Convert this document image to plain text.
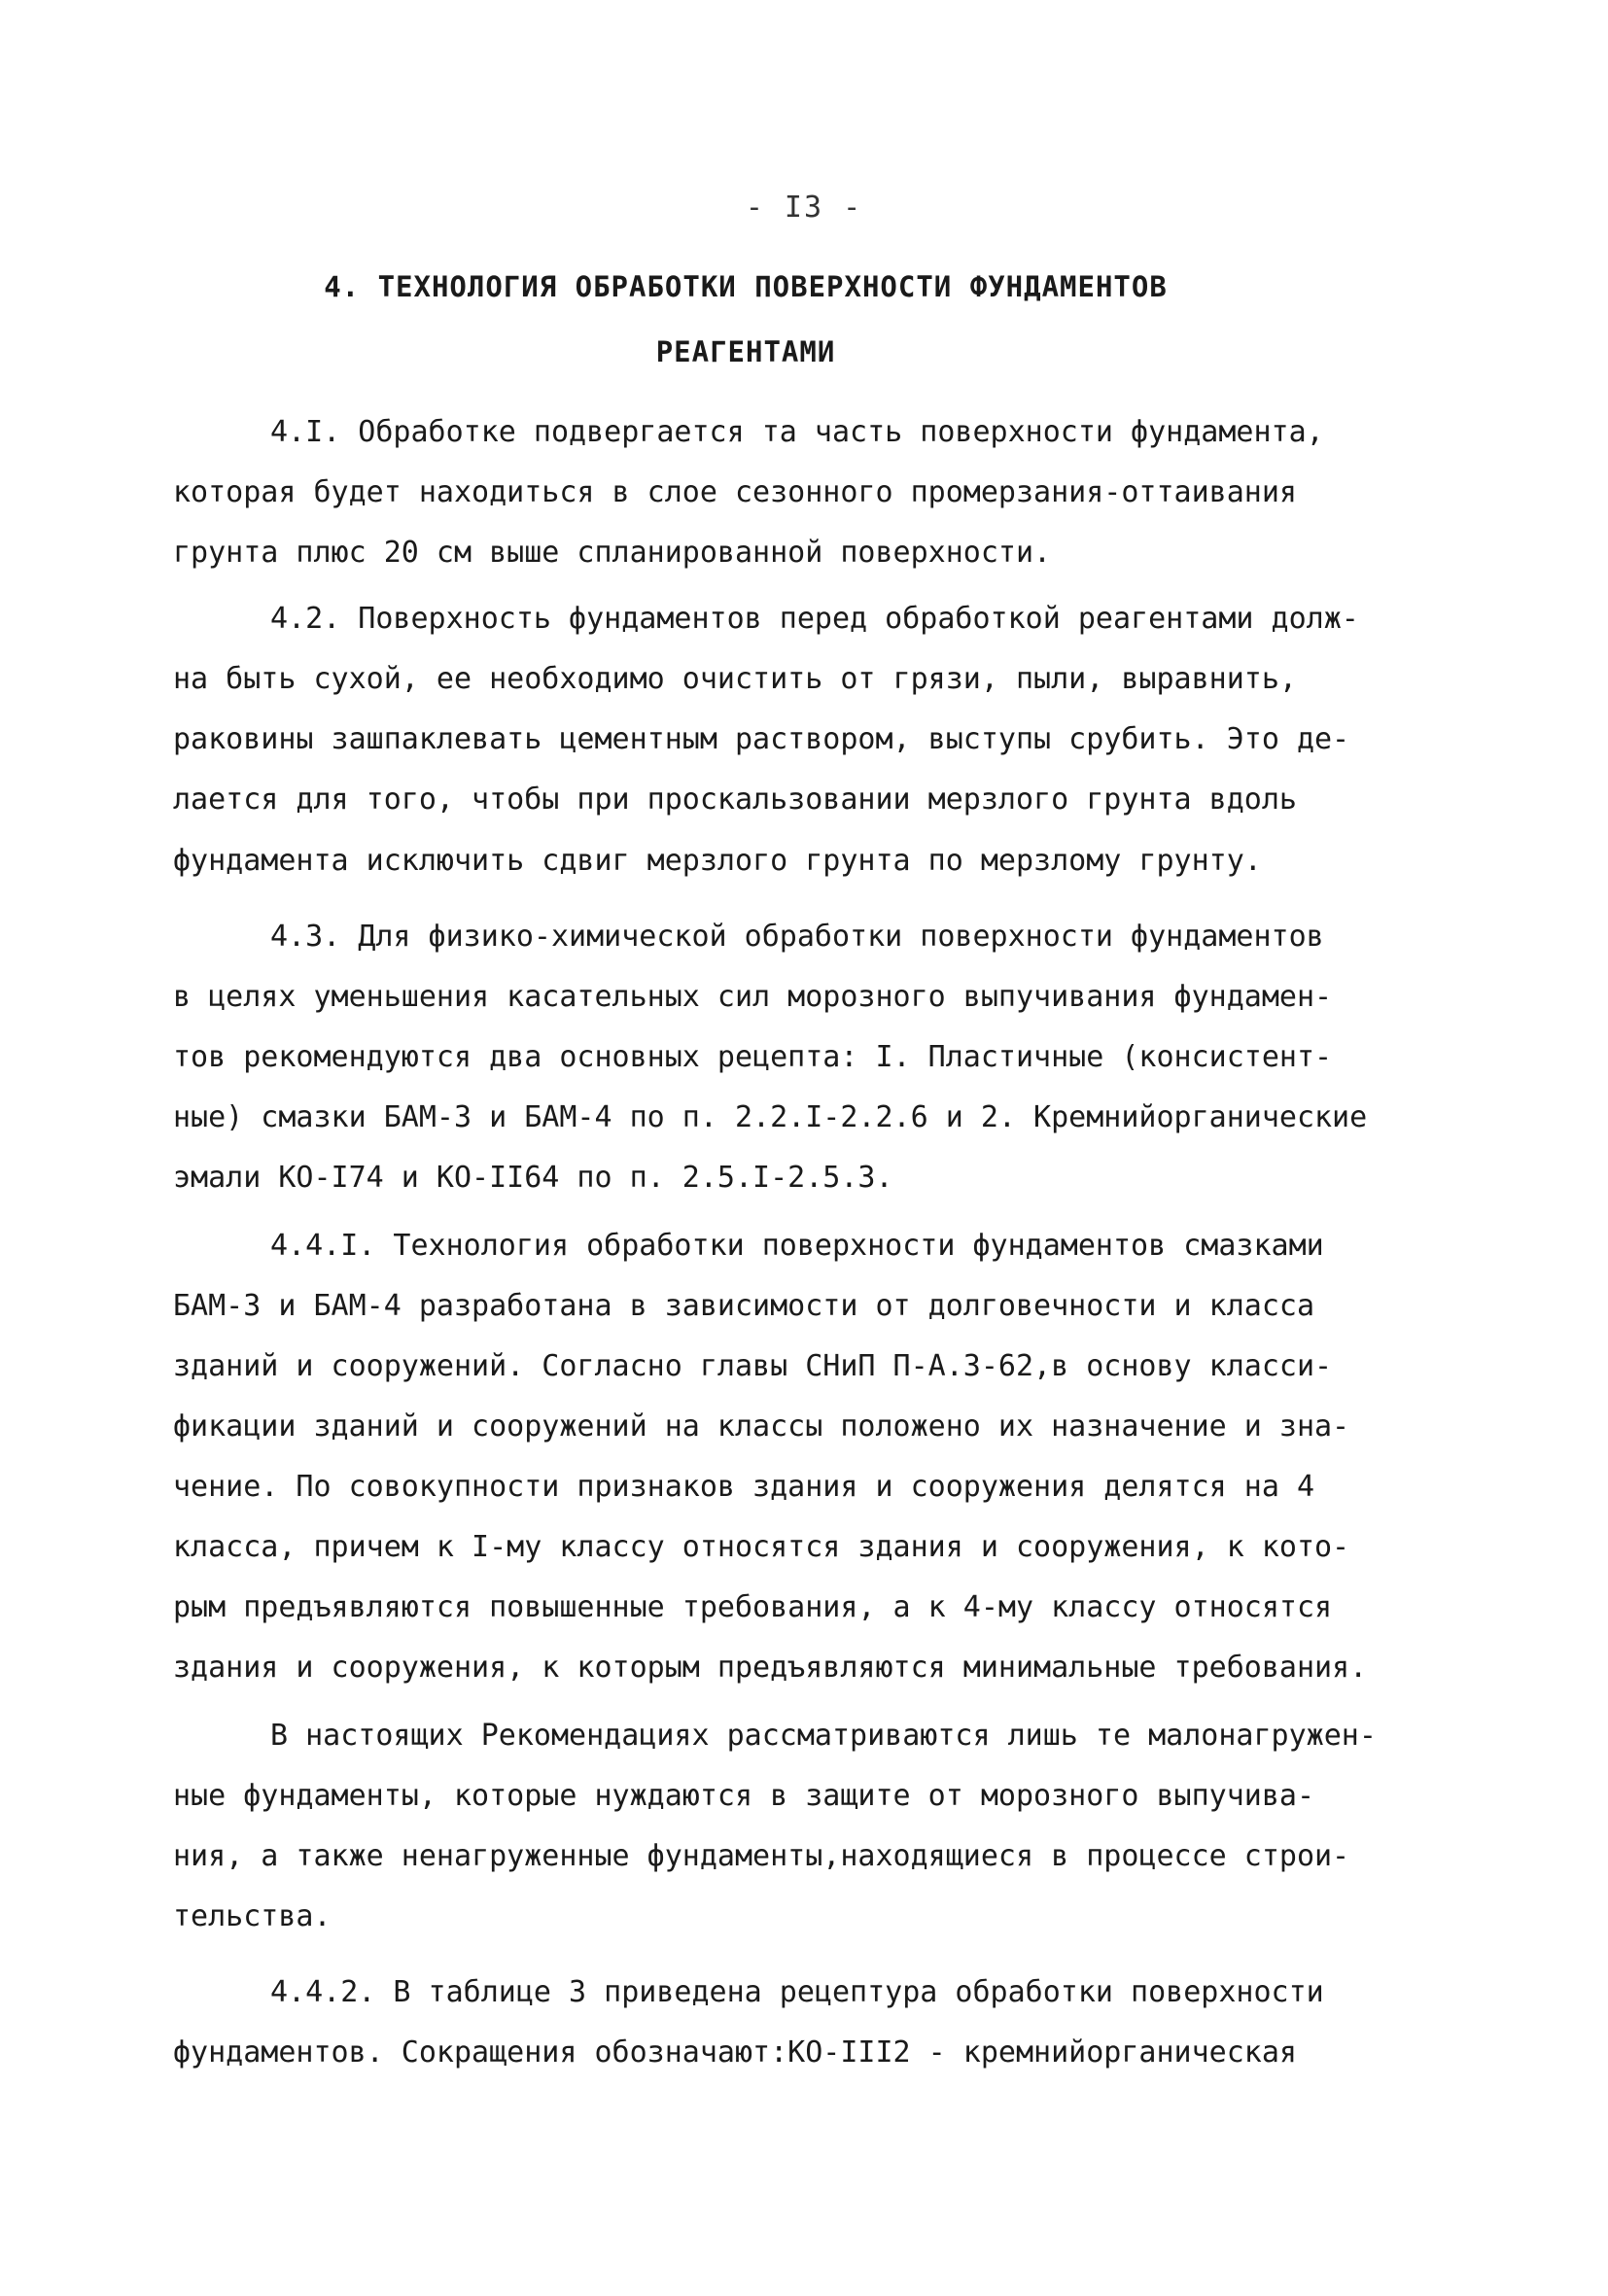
- I3 -
4. ТЕХНОЛОГИЯ ОБРАБОТКИ ПОВЕРХНОСТИ ФУНДАМЕНТОВ
РЕАГЕНТАМИ
4.I. Обработке подвергается та часть поверхности фундамента,
которая будет находиться в слое сезонного промерзания-оттаивания
грунта плюс 20 см выше спланированной поверхности.
4.2. Поверхность фундаментов перед обработкой реагентами долж-
на быть сухой, ее необходимо очистить от грязи, пыли, выравнить,
раковины зашпаклевать цементным раствором, выступы срубить. Это де-
лается для того, чтобы при проскальзовании мерзлого грунта вдоль
фундамента исключить сдвиг мерзлого грунта по мерзлому грунту.
4.3. Для физико-химической обработки поверхности фундаментов
в целях уменьшения касательных сил морозного выпучивания фундамен-
тов рекомендуются два основных рецепта: I. Пластичные (консистент-
ные) смазки БАМ-3 и БАМ-4 по п. 2.2.I-2.2.6 и 2. Кремнийорганические
эмали КО-I74 и КО-II64 по п. 2.5.I-2.5.3.
4.4.I. Технология обработки поверхности фундаментов смазками
БАМ-3 и БАМ-4 разработана в зависимости от долговечности и класса
зданий и сооружений. Согласно главы СНиП П-А.3-62,в основу класси-
фикации зданий и сооружений на классы положено их назначение и зна-
чение. По совокупности признаков здания и сооружения делятся на 4
класса, причем к I-му классу относятся здания и сооружения, к кото-
рым предъявляются повышенные требования, а к 4-му классу относятся
здания и сооружения, к которым предъявляются минимальные требования.
В настоящих Рекомендациях рассматриваются лишь те малонагружен-
ные фундаменты, которые нуждаются в защите от морозного выпучива-
ния, а также ненагруженные фундаменты,находящиеся в процессе строи-
тельства.
4.4.2. В таблице 3 приведена рецептура обработки поверхности
фундаментов. Сокращения обозначают:КО-III2 - кремнийорганическая
